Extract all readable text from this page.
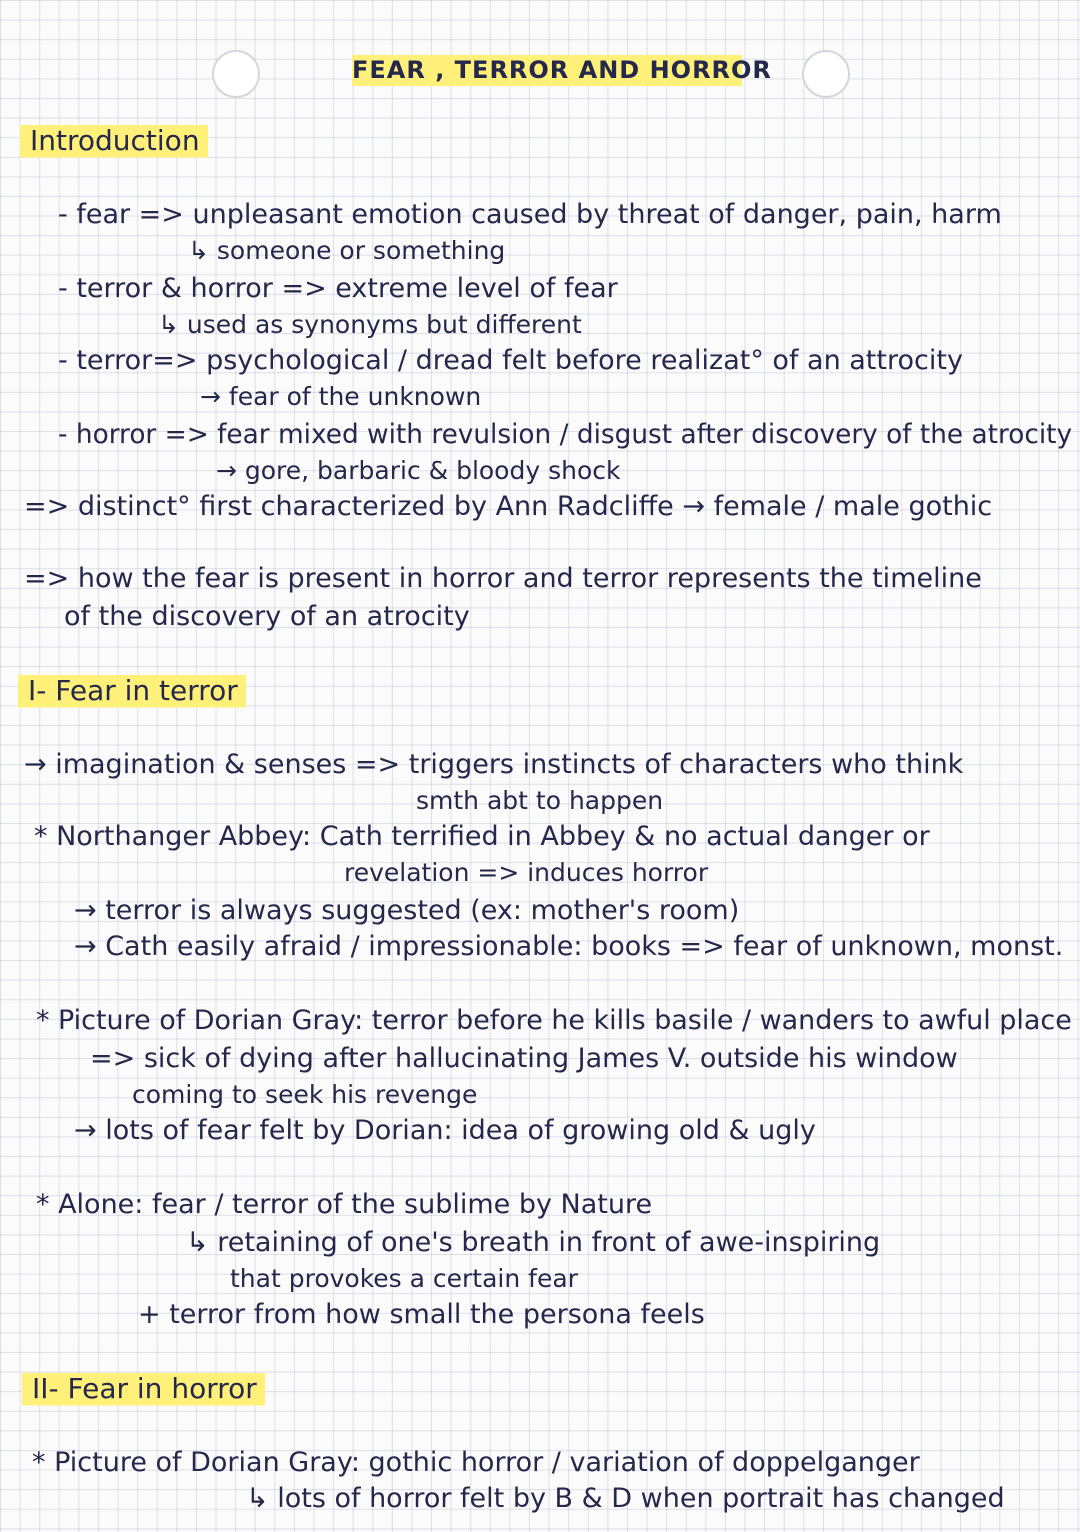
FEAR , TERROR AND HORROR
Introduction
- fear => unpleasant emotion caused by threat of danger, pain, harm
↳ someone or something
- terror & horror => extreme level of fear
↳ used as synonyms but different
- terror=> psychological / dread felt before realizat° of an attrocity
→ fear of the unknown
- horror => fear mixed with revulsion / disgust after discovery of the atrocity
→ gore, barbaric & bloody shock
=> distinct° first characterized by Ann Radcliffe → female / male gothic
=> how the fear is present in horror and terror represents the timeline
of the discovery of an atrocity
I- Fear in terror
→ imagination & senses => triggers instincts of characters who think
smth abt to happen
* Northanger Abbey: Cath terrified in Abbey & no actual danger or
revelation => induces horror
→ terror is always suggested (ex: mother's room)
→ Cath easily afraid / impressionable: books => fear of unknown, monst.
* Picture of Dorian Gray: terror before he kills basile / wanders to awful place
=> sick of dying after hallucinating James V. outside his window
coming to seek his revenge
→ lots of fear felt by Dorian: idea of growing old & ugly
* Alone: fear / terror of the sublime by Nature
↳ retaining of one's breath in front of awe-inspiring
that provokes a certain fear
+ terror from how small the persona feels
II- Fear in horror
* Picture of Dorian Gray: gothic horror / variation of doppelganger
↳ lots of horror felt by B & D when portrait has changed
